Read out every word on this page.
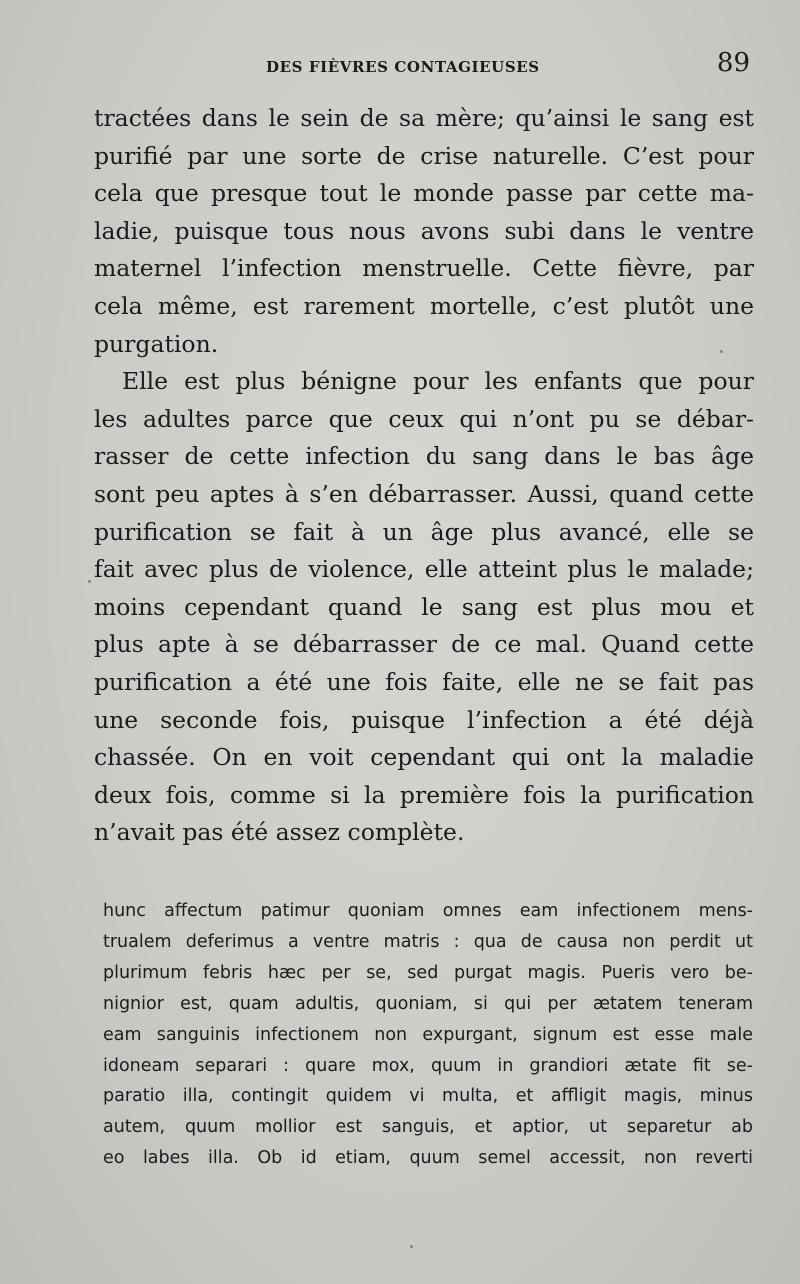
DES FIÈVRES CONTAGIEUSES	89

tractées dans le sein de sa mère; qu’ainsi le sang est
purifié par une sorte de crise naturelle. C’est pour
cela que presque tout le monde passe par cette ma-
ladie, puisque tous nous avons subi dans le ventre
maternel l’infection menstruelle. Cette fièvre, par
cela même, est rarement mortelle, c’est plutôt une
purgation.

Elle est plus bénigne pour les enfants que pour
les adultes parce que ceux qui n’ont pu se débar-
rasser de cette infection du sang dans le bas âge
sont peu aptes à s’en débarrasser. Aussi, quand cette
purification se fait à un âge plus avancé, elle se
fait avec plus de violence, elle atteint plus le malade;
moins cependant quand le sang est plus mou et
plus apte à se débarrasser de ce mal. Quand cette
purification a été une fois faite, elle ne se fait pas
une seconde fois, puisque l’infection a été déjà
chassée. On en voit cependant qui ont la maladie
deux fois, comme si la première fois la purification
n’avait pas été assez complète.

hunc affectum patimur quoniam omnes eam infectionem mens-
trualem deferimus a ventre matris : qua de causa non perdit ut
plurimum febris hæc per se, sed purgat magis. Pueris vero be-
nignior est, quam adultis, quoniam, si qui per ætatem teneram
eam sanguinis infectionem non expurgant, signum est esse male
idoneam separari : quare mox, quum in grandiori ætate fit se-
paratio illa, contingit quidem vi multa, et affligit magis, minus
autem, quum mollior est sanguis, et aptior, ut separetur ab
eo labes illa. Ob id etiam, quum semel accessit, non reverti
